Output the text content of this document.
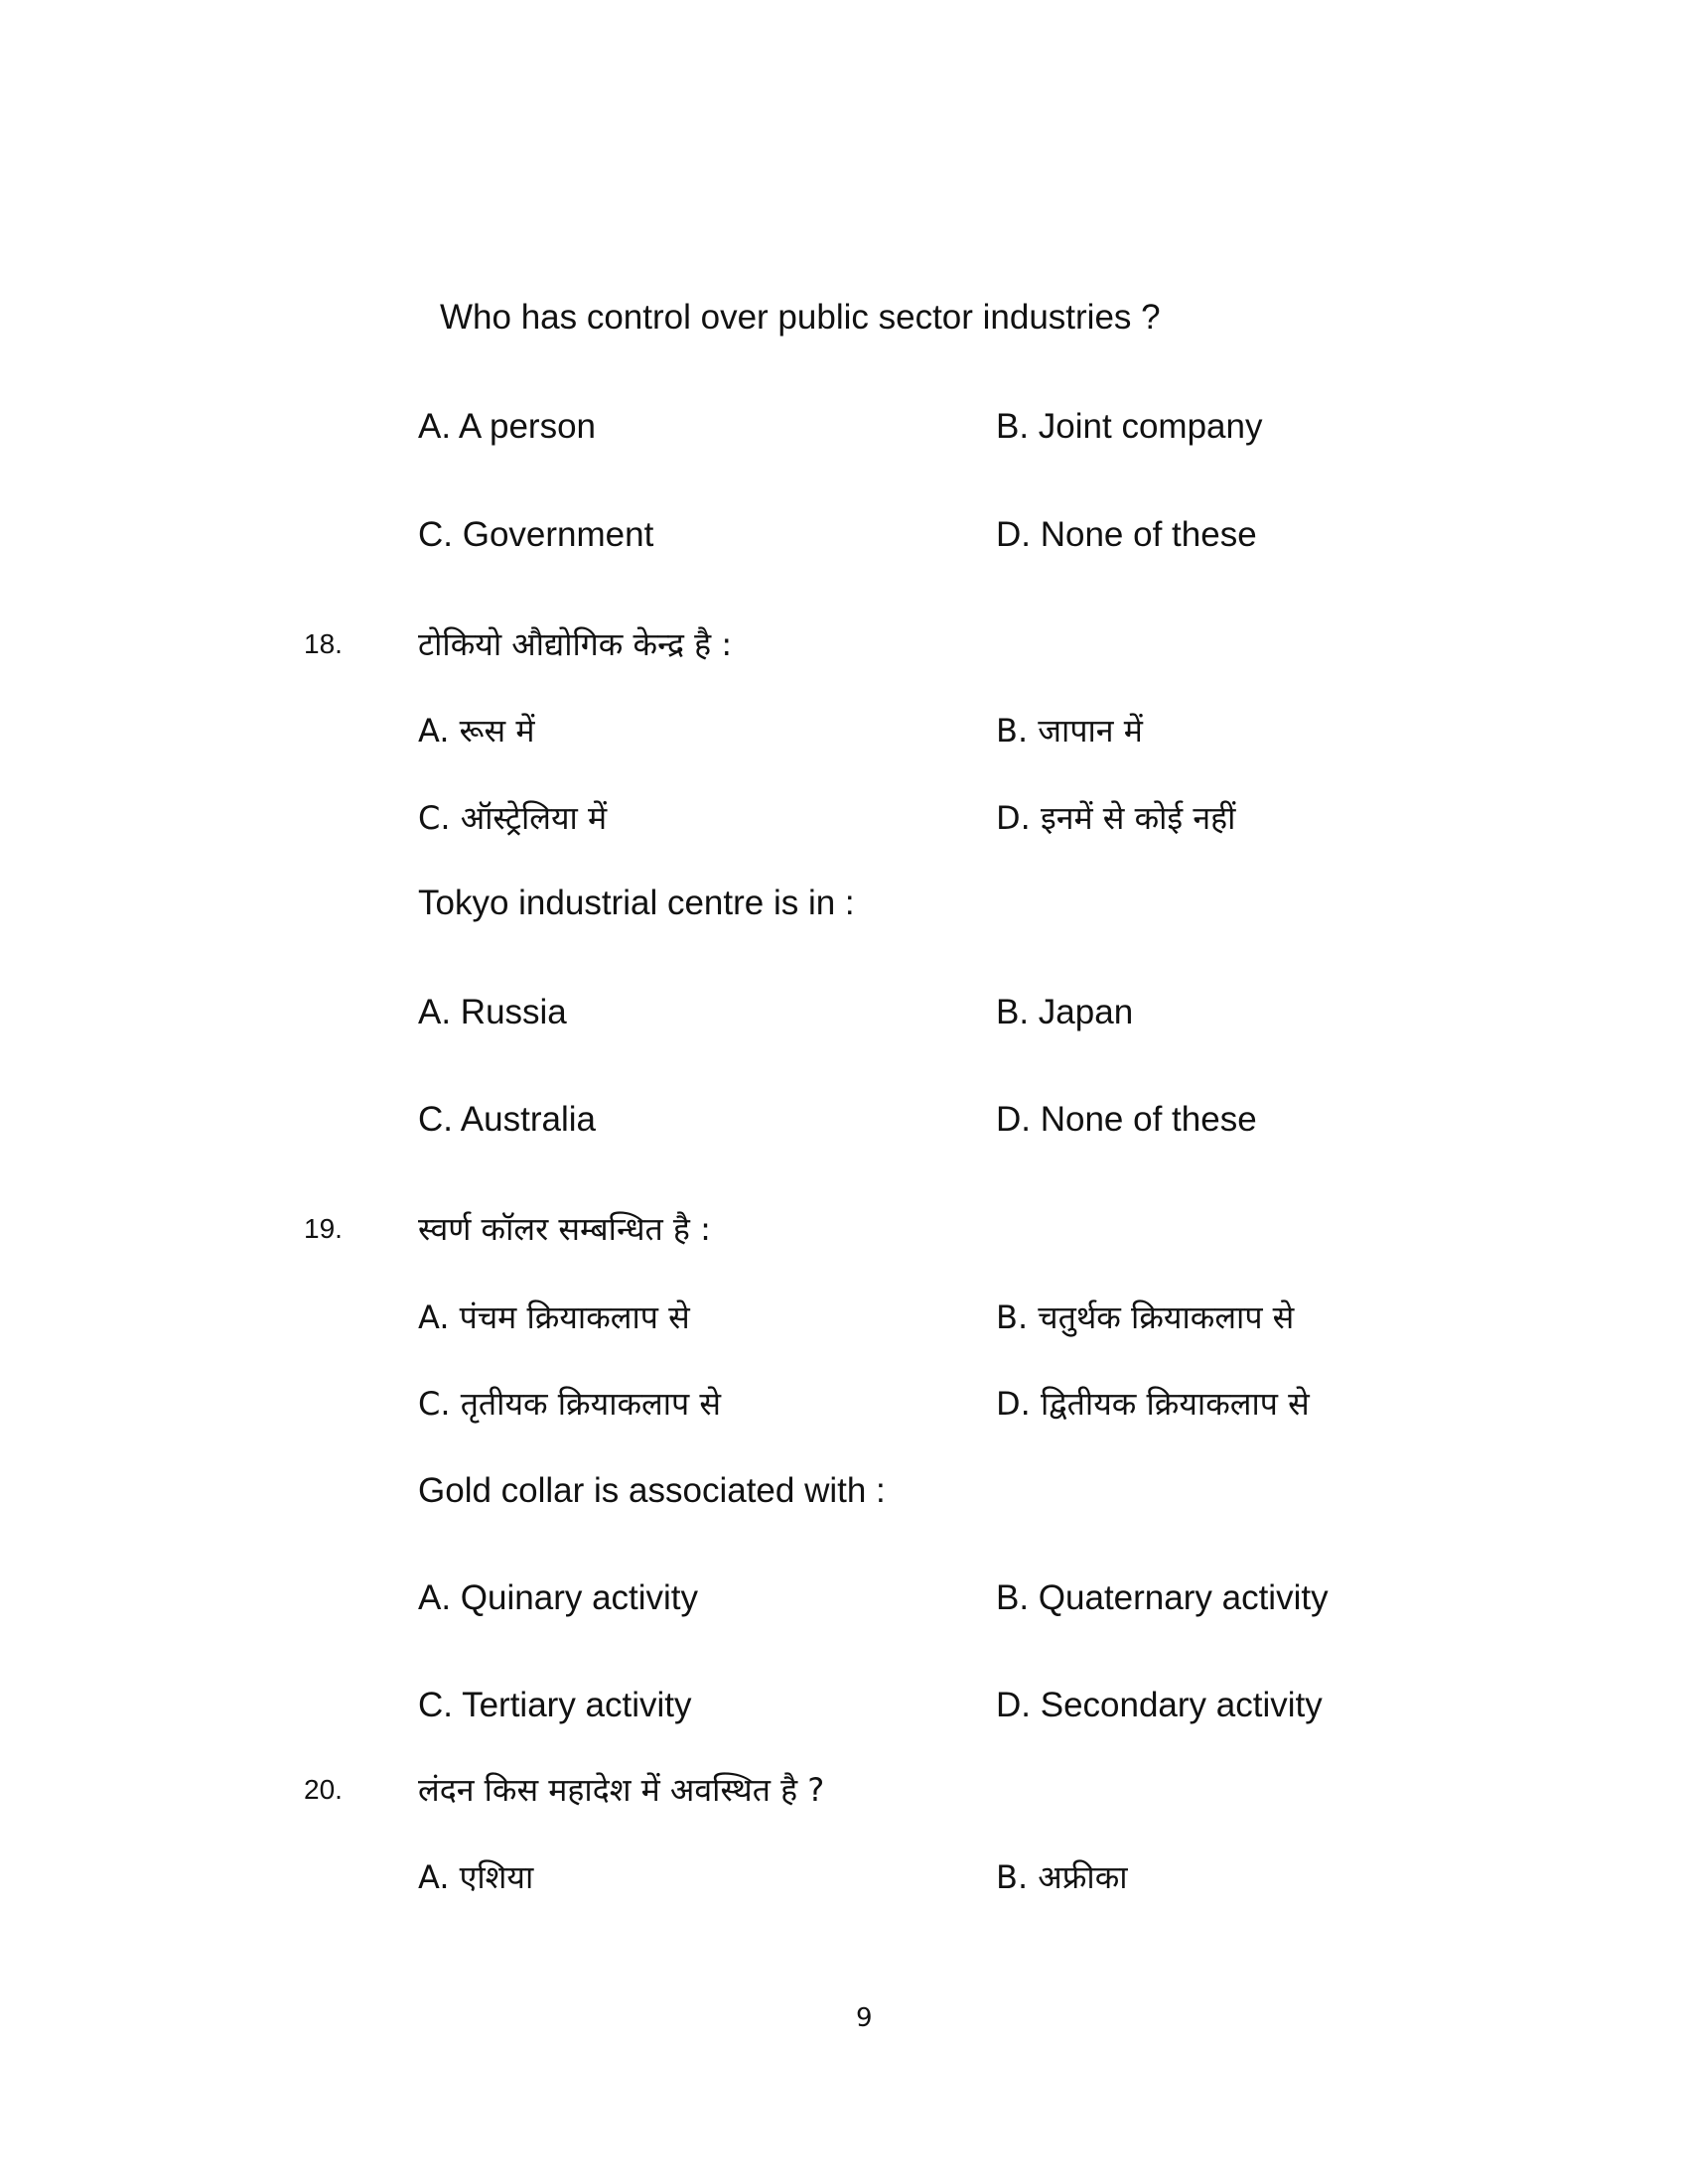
Who has control over public sector industries ?
A. A person	B. Joint company
C. Government	D. None of these
18. टोकियो औद्योगिक केन्द्र है :
A. रूस में	B. जापान में
C. ऑस्ट्रेलिया में	D. इनमें से कोई नहीं
Tokyo industrial centre is in :
A. Russia	B. Japan
C. Australia	D. None of these
19. स्वर्ण कॉलर सम्बन्धित है :
A. पंचम क्रियाकलाप से	B. चतुर्थक क्रियाकलाप से
C. तृतीयक क्रियाकलाप से	D. द्वितीयक क्रियाकलाप से
Gold collar is associated with :
A. Quinary activity	B. Quaternary activity
C. Tertiary activity	D. Secondary activity
20. लंदन किस महादेश में अवस्थित है ?
A. एशिया	B. अफ्रीका
9
